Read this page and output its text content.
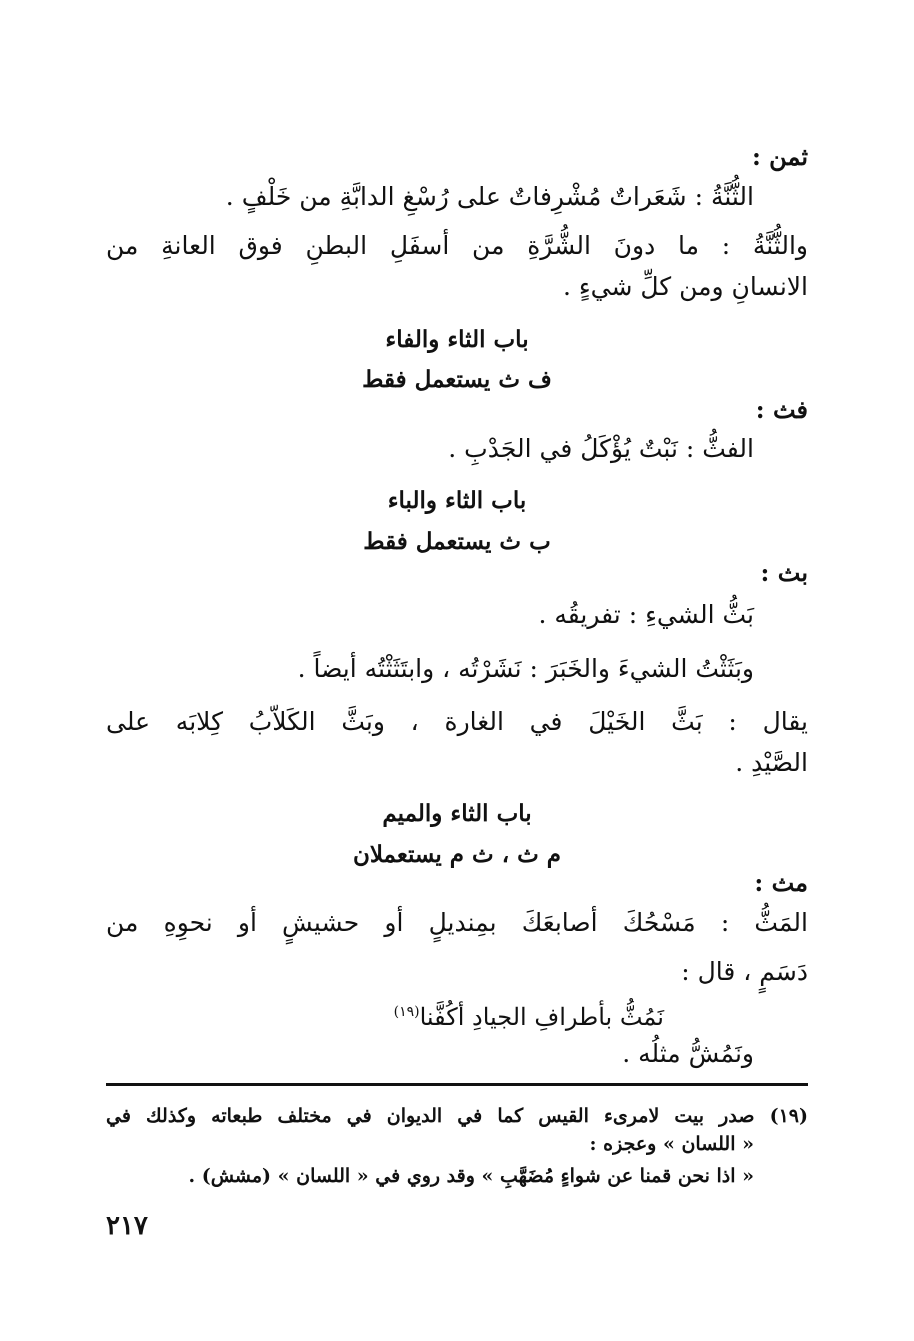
ثمن :
الثُّنَّةُ : شَعَراتٌ مُشْرِفاتٌ على رُسْغِ الدابَّةِ من خَلْفٍ .
والثُّنَّةُ : ما دونَ الشُّرَّةِ من أسفَلِ البطنِ فوق العانةِ من
الانسانِ ومن كلِّ شيءٍ .
باب الثاء والفاء
ف ث يستعمل فقط
فث :
الفثُّ : نَبْتٌ يُؤْكَلُ في الجَدْبِ .
باب الثاء والباء
ب ث يستعمل فقط
بث :
بَثُّ الشيءِ : تفريقُه .
وبَثَثْتُ الشيءَ والخَبَرَ : نَشَرْتُه ، وابتَثَثْتُه أيضاً .
يقال : بَثَّ الخَيْلَ في الغارة ، وبَثَّ الكَلاّبُ كِلابَه على
الصَّيْدِ .
باب الثاء والميم
م ث ، ث م يستعملان
مث :
المَثُّ : مَسْحُكَ أصابعَكَ بمِنديلٍ أو حشيشٍ أو نحوِهِ من
دَسَمٍ ، قال :
نَمُثُّ بأطرافِ الجيادِ أكُفَّنا$^{(١٩)}$
ونَمُشُّ مثلُه .
(١٩) صدر بيت لامرىء القيس كما في الديوان في مختلف طبعاته وكذلك في
« اللسان » وعجزه :
« اذا نحن قمنا عن شواءٍ مُضَهَّبِ » وقد روي في « اللسان » (مشش) .
٢١٧
